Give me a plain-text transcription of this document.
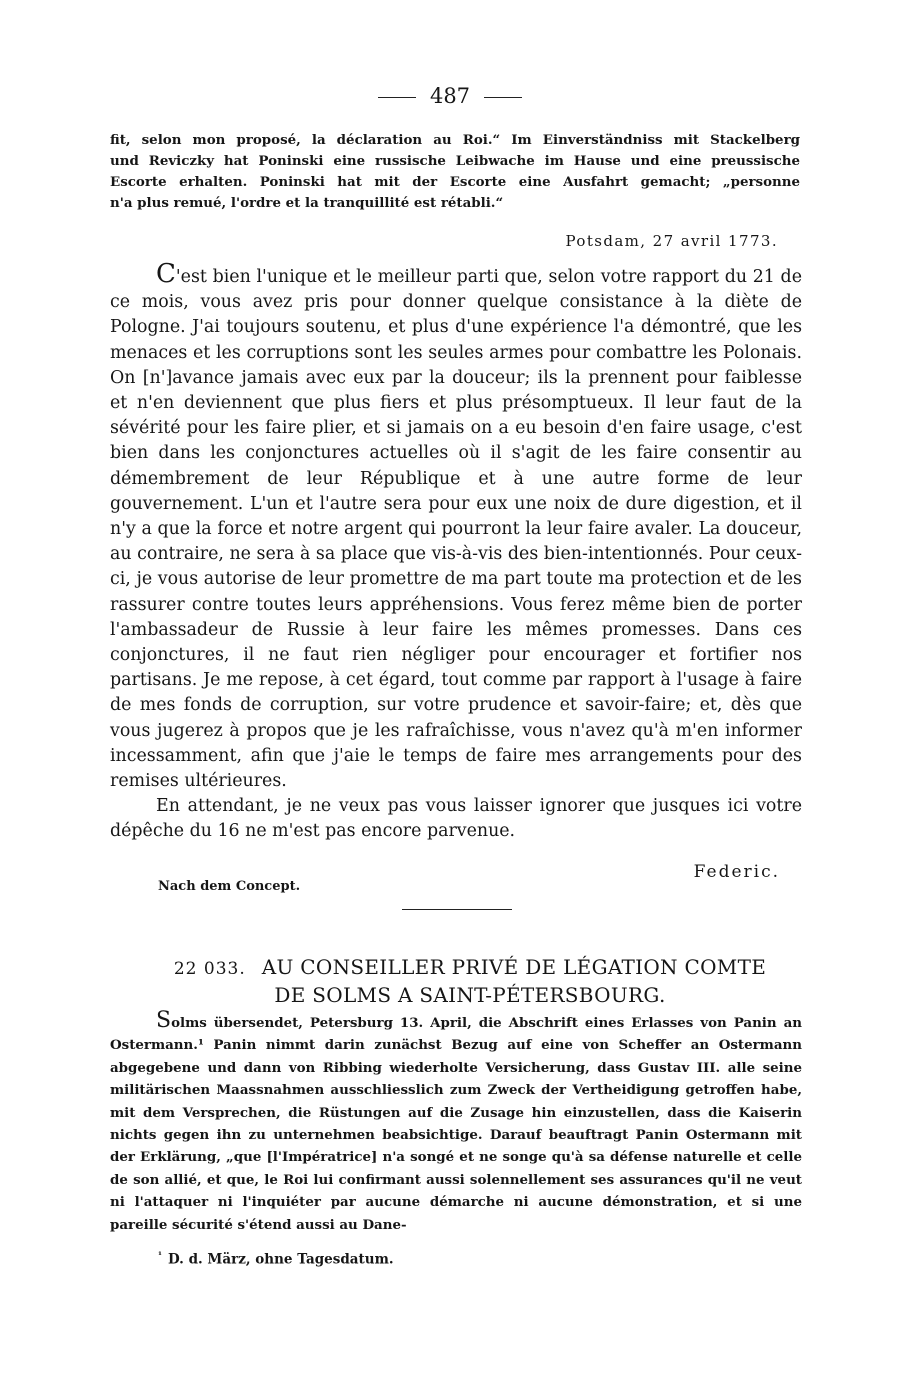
487
fit, selon mon proposé, la déclaration au Roi.“ Im Einverständniss mit Stackelberg
und Reviczky hat Poninski eine russische Leibwache im Hause und eine preussische
Escorte erhalten. Poninski hat mit der Escorte eine Ausfahrt gemacht; „personne
n'a plus remué, l'ordre et la tranquillité est rétabli.“
Potsdam, 27 avril 1773.

C'est bien l'unique et le meilleur parti que, selon votre rapport du 21 de ce mois, vous avez pris pour donner quelque consistance à la diète de Pologne. J'ai toujours soutenu, et plus d'une expérience l'a démontré, que les menaces et les corruptions sont les seules armes pour combattre les Polonais. On [n']avance jamais avec eux par la douceur; ils la prennent pour faiblesse et n'en deviennent que plus fiers et plus présomptueux. Il leur faut de la sévérité pour les faire plier, et si jamais on a eu besoin d'en faire usage, c'est bien dans les conjonctures actuelles où il s'agit de les faire consentir au démembrement de leur République et à une autre forme de leur gouvernement. L'un et l'autre sera pour eux une noix de dure digestion, et il n'y a que la force et notre argent qui pourront la leur faire avaler. La douceur, au contraire, ne sera à sa place que vis-à-vis des bien-intentionnés. Pour ceux-ci, je vous autorise de leur promettre de ma part toute ma protection et de les rassurer contre toutes leurs appréhensions. Vous ferez même bien de porter l'ambassadeur de Russie à leur faire les mêmes promesses. Dans ces conjonctures, il ne faut rien négliger pour encourager et fortifier nos partisans. Je me repose, à cet égard, tout comme par rapport à l'usage à faire de mes fonds de corruption, sur votre prudence et savoir-faire; et, dès que vous jugerez à propos que je les rafraîchisse, vous n'avez qu'à m'en informer incessamment, afin que j'aie le temps de faire mes arrangements pour des remises ultérieures.

En attendant, je ne veux pas vous laisser ignorer que jusques ici votre dépêche du 16 ne m'est pas encore parvenue.

Federic.
Nach dem Concept.
22 033. AU CONSEILLER PRIVÉ DE LÉGATION COMTE
DE SOLMS A SAINT-PÉTERSBOURG.

Solms übersendet, Petersburg 13. April, die Abschrift eines Erlasses von Panin an Ostermann.¹ Panin nimmt darin zunächst Bezug auf eine von Scheffer an Ostermann abgegebene und dann von Ribbing wiederholte Versicherung, dass Gustav III. alle seine militärischen Maassnahmen ausschliesslich zum Zweck der Vertheidigung getroffen habe, mit dem Versprechen, die Rüstungen auf die Zusage hin einzustellen, dass die Kaiserin nichts gegen ihn zu unternehmen beabsichtige. Darauf beauftragt Panin Ostermann mit der Erklärung, „que [l'Impératrice] n'a songé et ne songe qu'à sa défense naturelle et celle de son allié, et que, le Roi lui confirmant aussi solennellement ses assurances qu'il ne veut ni l'attaquer ni l'inquiéter par aucune démarche ni aucune démonstration, et si une pareille sécurité s'étend aussi au Dane-

$^{^1}$ D. d. März, ohne Tagesdatum.
